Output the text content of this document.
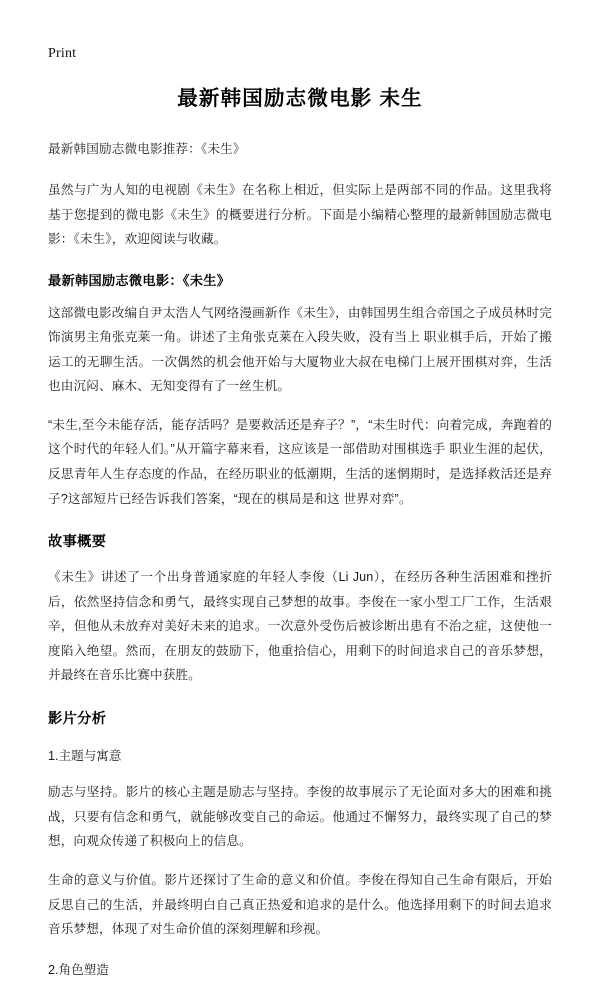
Print
最新韩国励志微电影 未生

最新韩国励志微电影推荐：《未生》

虽然与广为人知的电视剧《未生》在名称上相近，但实际上是两部不同的作品。这里我将基于您提到的微电影《未生》的概要进行分析。下面是小编精心整理的最新韩国励志微电影：《未生》，欢迎阅读与收藏。

最新韩国励志微电影：《未生》

这部微电影改编自尹太浩人气网络漫画新作《未生》，由韩国男生组合帝国之子成员林时完饰演男主角张克莱一角。讲述了主角张克莱在入段失败，没有当上 职业棋手后，开始了搬运工的无聊生活。一次偶然的机会他开始与大厦物业大叔在电梯门上展开围棋对弈，生活也由沉闷、麻木、无知变得有了一丝生机。

“未生,至今未能存活，能存活吗？是要救活还是弃子？”，“未生时代：向着完成，奔跑着的这个时代的年轻人们。”从开篇字幕来看，这应该是一部借助对围棋选手 职业生涯的起伏，反思青年人生存态度的作品，在经历职业的低潮期，生活的迷惘期时，是选择救活还是弃子?这部短片已经告诉我们答案，“现在的棋局是和这 世界对弈”。

故事概要

《未生》讲述了一个出身普通家庭的年轻人李俊（Li Jun），在经历各种生活困难和挫折后，依然坚持信念和勇气，最终实现自己梦想的故事。李俊在一家小型工厂工作，生活艰辛，但他从未放弃对美好未来的追求。一次意外受伤后被诊断出患有不治之症，这使他一度陷入绝望。然而，在朋友的鼓励下，他重拾信心，用剩下的时间追求自己的音乐梦想，并最终在音乐比赛中获胜。

影片分析

1.主题与寓意

励志与坚持。影片的核心主题是励志与坚持。李俊的故事展示了无论面对多大的困难和挑战，只要有信念和勇气，就能够改变自己的命运。他通过不懈努力，最终实现了自己的梦想，向观众传递了积极向上的信息。

生命的意义与价值。影片还探讨了生命的意义和价值。李俊在得知自己生命有限后，开始反思自己的生活，并最终明白自己真正热爱和追求的是什么。他选择用剩下的时间去追求音乐梦想，体现了对生命价值的深刻理解和珍视。

2.角色塑造
